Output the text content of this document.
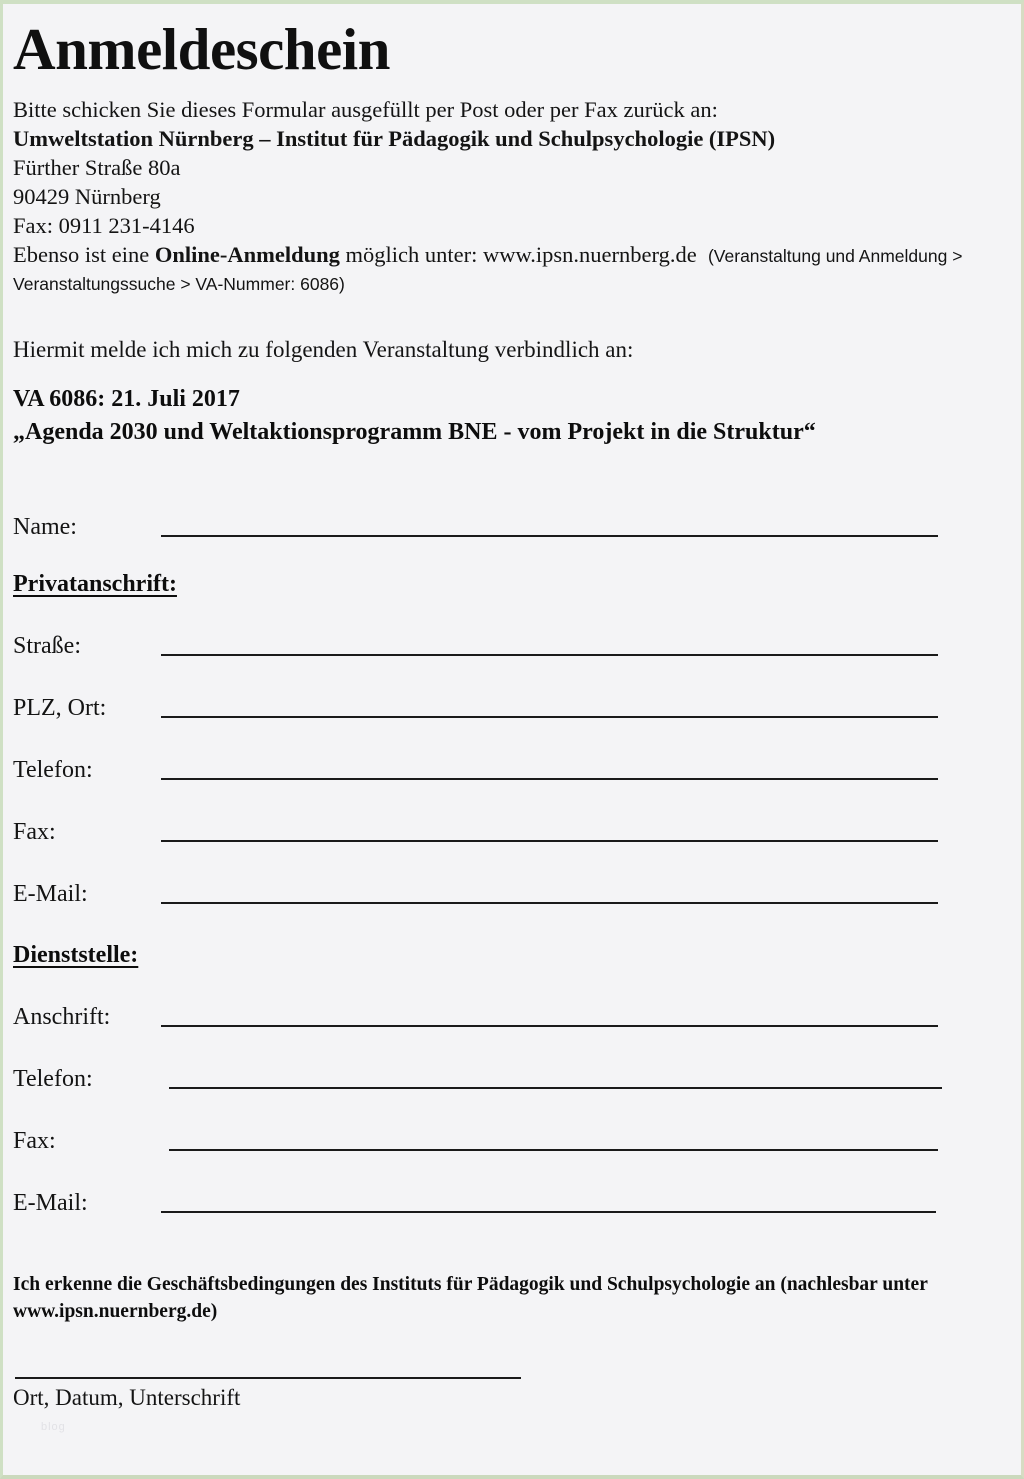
Anmeldeschein
Bitte schicken Sie dieses Formular ausgefüllt per Post oder per Fax zurück an:
Umweltstation Nürnberg – Institut für Pädagogik und Schulpsychologie (IPSN)
Fürther Straße 80a
90429 Nürnberg
Fax: 0911 231-4146
Ebenso ist eine Online-Anmeldung möglich unter: www.ipsn.nuernberg.de (Veranstaltung und Anmeldung >
Veranstaltungssuche > VA-Nummer: 6086)
Hiermit melde ich mich zu folgenden Veranstaltung verbindlich an:
VA 6086: 21. Juli 2017
„Agenda 2030 und Weltaktionsprogramm BNE - vom Projekt in die Struktur“
Name:
Privatanschrift:
Straße:
PLZ, Ort:
Telefon:
Fax:
E-Mail:
Dienststelle:
Anschrift:
Telefon:
Fax:
E-Mail:
Ich erkenne die Geschäftsbedingungen des Instituts für Pädagogik und Schulpsychologie an (nachlesbar unter
www.ipsn.nuernberg.de)
Ort, Datum, Unterschrift
blog
